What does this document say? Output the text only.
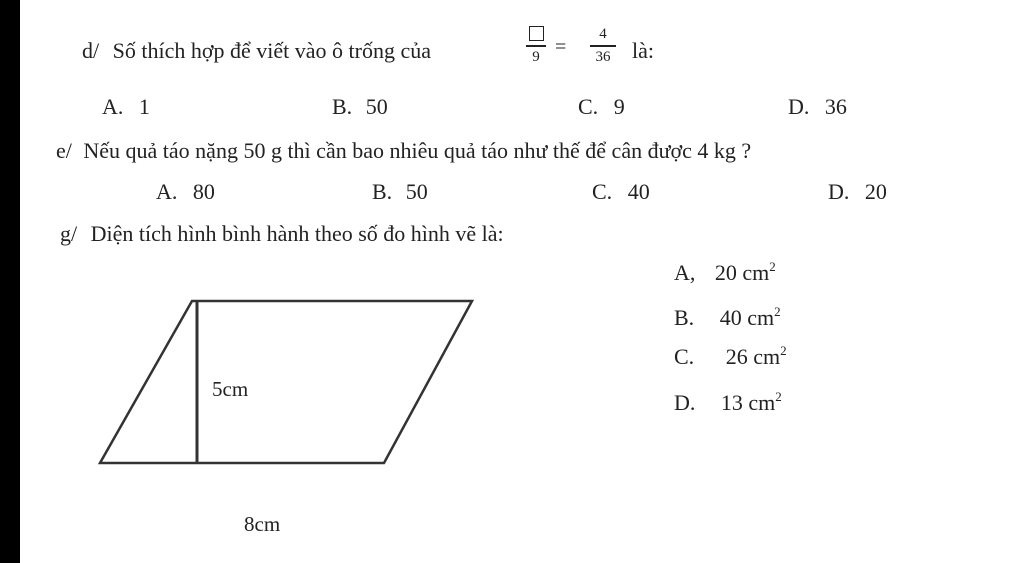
d/ Số thích hợp để viết vào ô trống của	9 =
4
36 là:
A. 1	B. 50	C. 9	D. 36
e/ Nếu quả táo nặng 50 g thì cần bao nhiêu quả táo như thế để cân được 4 kg ?
A. 80	B. 50	C. 40	D. 20
g/ Diện tích hình bình hành theo số đo hình vẽ là:
5cm
8cm
A, 20 $cm^2$
B. 40 $cm^2$
C. 26 $cm^2$
D. 13 $cm^2$
